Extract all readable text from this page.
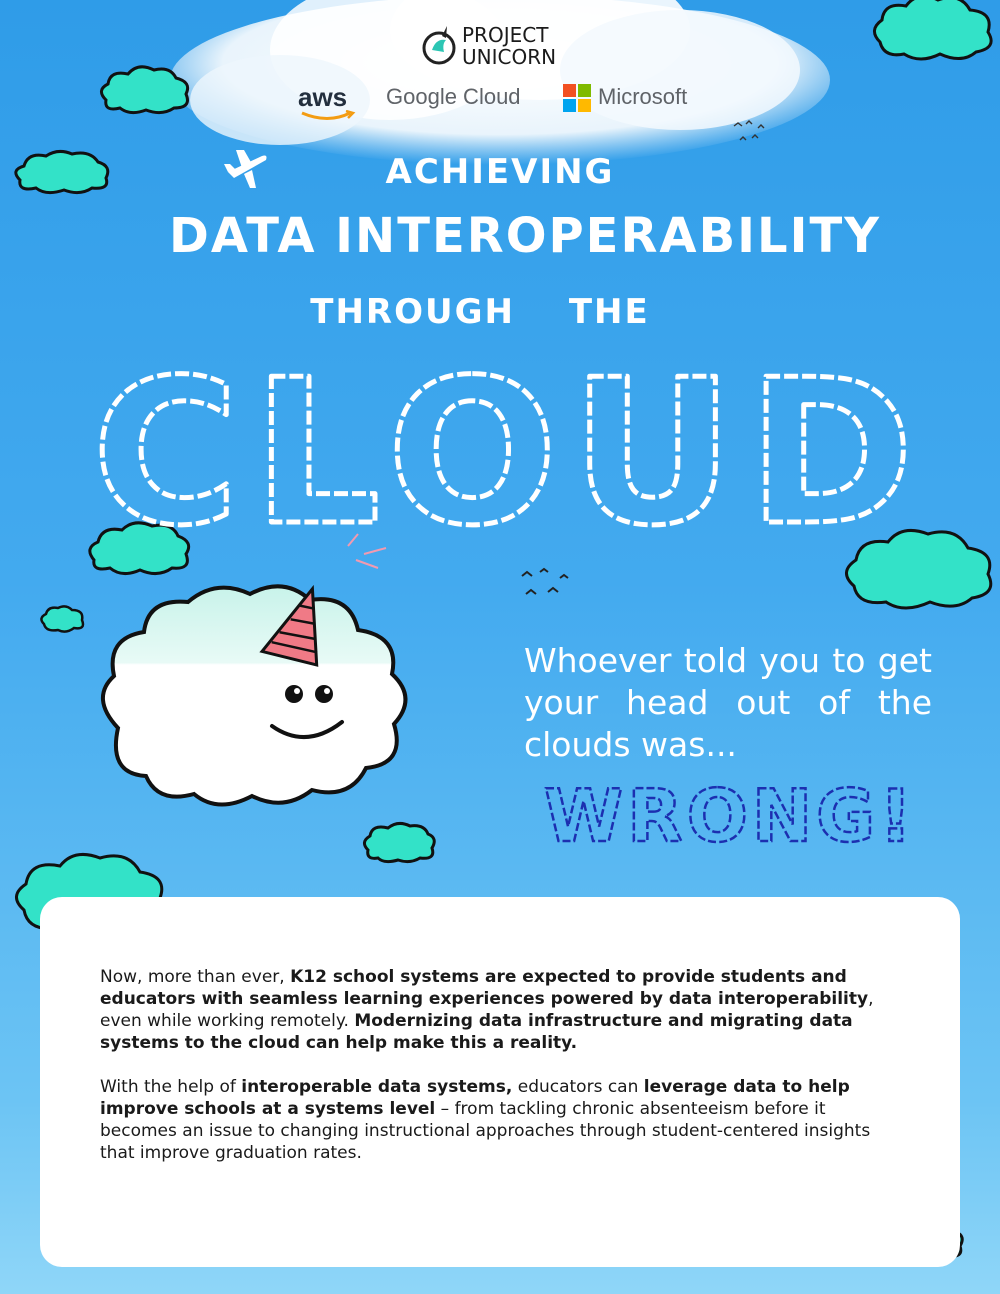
PROJECT
UNICORN
aws Google Cloud	Microsoft
ACHIEVING
DATA INTEROPERABILITY
THROUGH THE
CLOUD
Whoever told you to get your head out of the clouds was...
WRONG!

Now, more than ever, K12 school systems are expected to provide students and educators with seamless learning experiences powered by data interoperability, even while working remotely. Modernizing data infrastructure and migrating data systems to the cloud can help make this a reality.

With the help of interoperable data systems, educators can leverage data to help improve schools at a systems level – from tackling chronic absenteeism before it becomes an issue to changing instructional approaches through student-centered insights that improve graduation rates.
